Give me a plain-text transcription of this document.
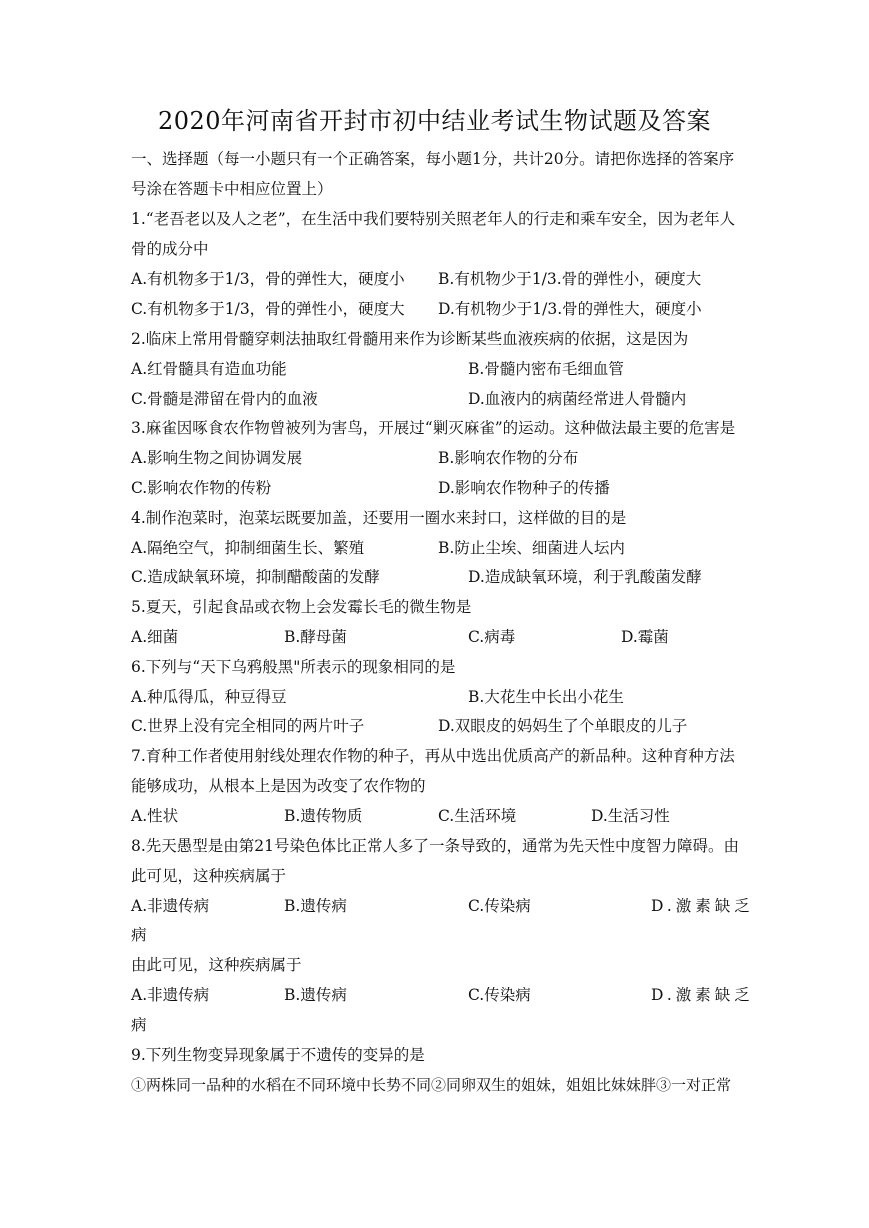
2020年河南省开封市初中结业考试生物试题及答案
一、选择题（每一小题只有一个正确答案，每小题1分，共计20分。请把你选择的答案序
号涂在答题卡中相应位置上）
1.“老吾老以及人之老”，在生活中我们要特别关照老年人的行走和乘车安全，因为老年人
骨的成分中
A.有机物多于1/3，骨的弹性大，硬度小 B.有机物少于1/3.骨的弹性小，硬度大
C.有机物多于1/3，骨的弹性小，硬度大 D.有机物少于1/3.骨的弹性大，硬度小
2.临床上常用骨髓穿刺法抽取红骨髓用来作为诊断某些血液疾病的依据，这是因为
A.红骨髓具有造血功能	B.骨髓内密布毛细血管
C.骨髓是滞留在骨内的血液	D.血液内的病菌经常进人骨髓内
3.麻雀因啄食农作物曾被列为害鸟，开展过“剿灭麻雀”的运动。这种做法最主要的危害是
A.影响生物之间协调发展	B.影响农作物的分布
C.影响农作物的传粉	D.影响农作物种子的传播
4.制作泡菜时，泡菜坛既要加盖，还要用一圈水来封口，这样做的目的是
A.隔绝空气，抑制细菌生长、繁殖	B.防止尘埃、细菌进人坛内
C.造成缺氧环境，抑制醋酸菌的发酵	D.造成缺氧环境，利于乳酸菌发酵
5.夏天，引起食品或衣物上会发霉长毛的微生物是
A.细菌	B.酵母菌	C.病毒	D.霉菌
6.下列与“天下乌鸦般黑"所表示的现象相同的是
A.种瓜得瓜，种豆得豆	B.大花生中长出小花生
C.世界上没有完全相同的两片叶子	D.双眼皮的妈妈生了个单眼皮的儿子
7.育种工作者使用射线处理农作物的种子，再从中选出优质高产的新品种。这种育种方法
能够成功，从根本上是因为改变了农作物的
A.性状	B.遗传物质	C.生活环境	D.生活习性
8.先天愚型是由第21号染色体比正常人多了一条导致的，通常为先天性中度智力障碍。由
此可见，这种疾病属于
A.非遗传病	B.遗传病	C.传染病	D.激素缺乏
病
由此可见，这种疾病属于
A.非遗传病	B.遗传病	C.传染病	D.激素缺乏
病
9.下列生物变异现象属于不遗传的变异的是
①两株同一品种的水稻在不同环境中长势不同②同卵双生的姐妹，姐姐比妹妹胖③一对正常
